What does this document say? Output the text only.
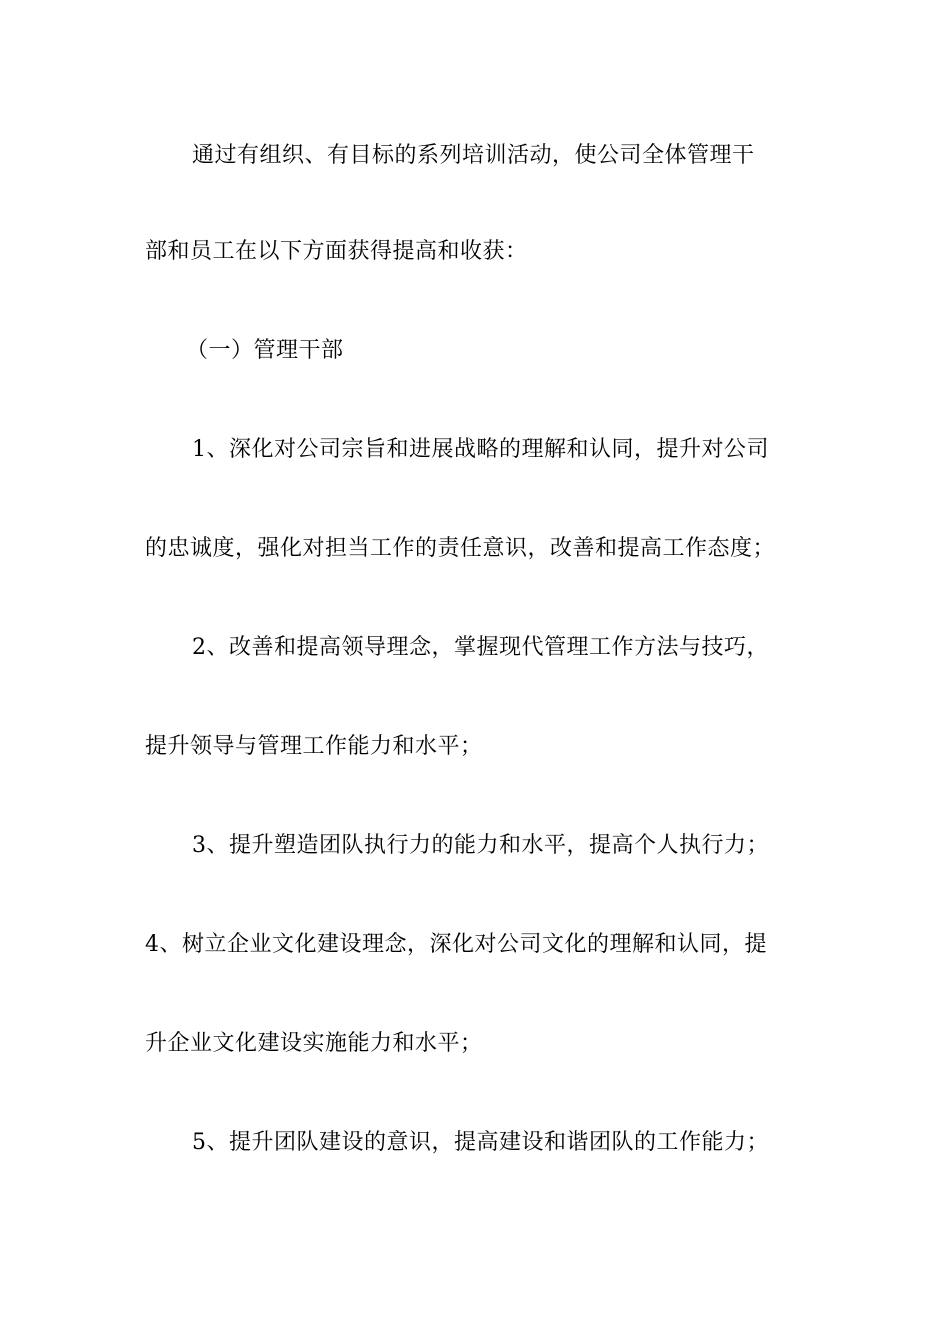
通过有组织、有目标的系列培训活动，使公司全体管理干
部和员工在以下方面获得提高和收获：
（一）管理干部
1、深化对公司宗旨和进展战略的理解和认同，提升对公司
的忠诚度，强化对担当工作的责任意识，改善和提高工作态度；
2、改善和提高领导理念，掌握现代管理工作方法与技巧，
提升领导与管理工作能力和水平；
3、提升塑造团队执行力的能力和水平，提高个人执行力；
4、树立企业文化建设理念，深化对公司文化的理解和认同，提
升企业文化建设实施能力和水平；
5、提升团队建设的意识，提高建设和谐团队的工作能力；
